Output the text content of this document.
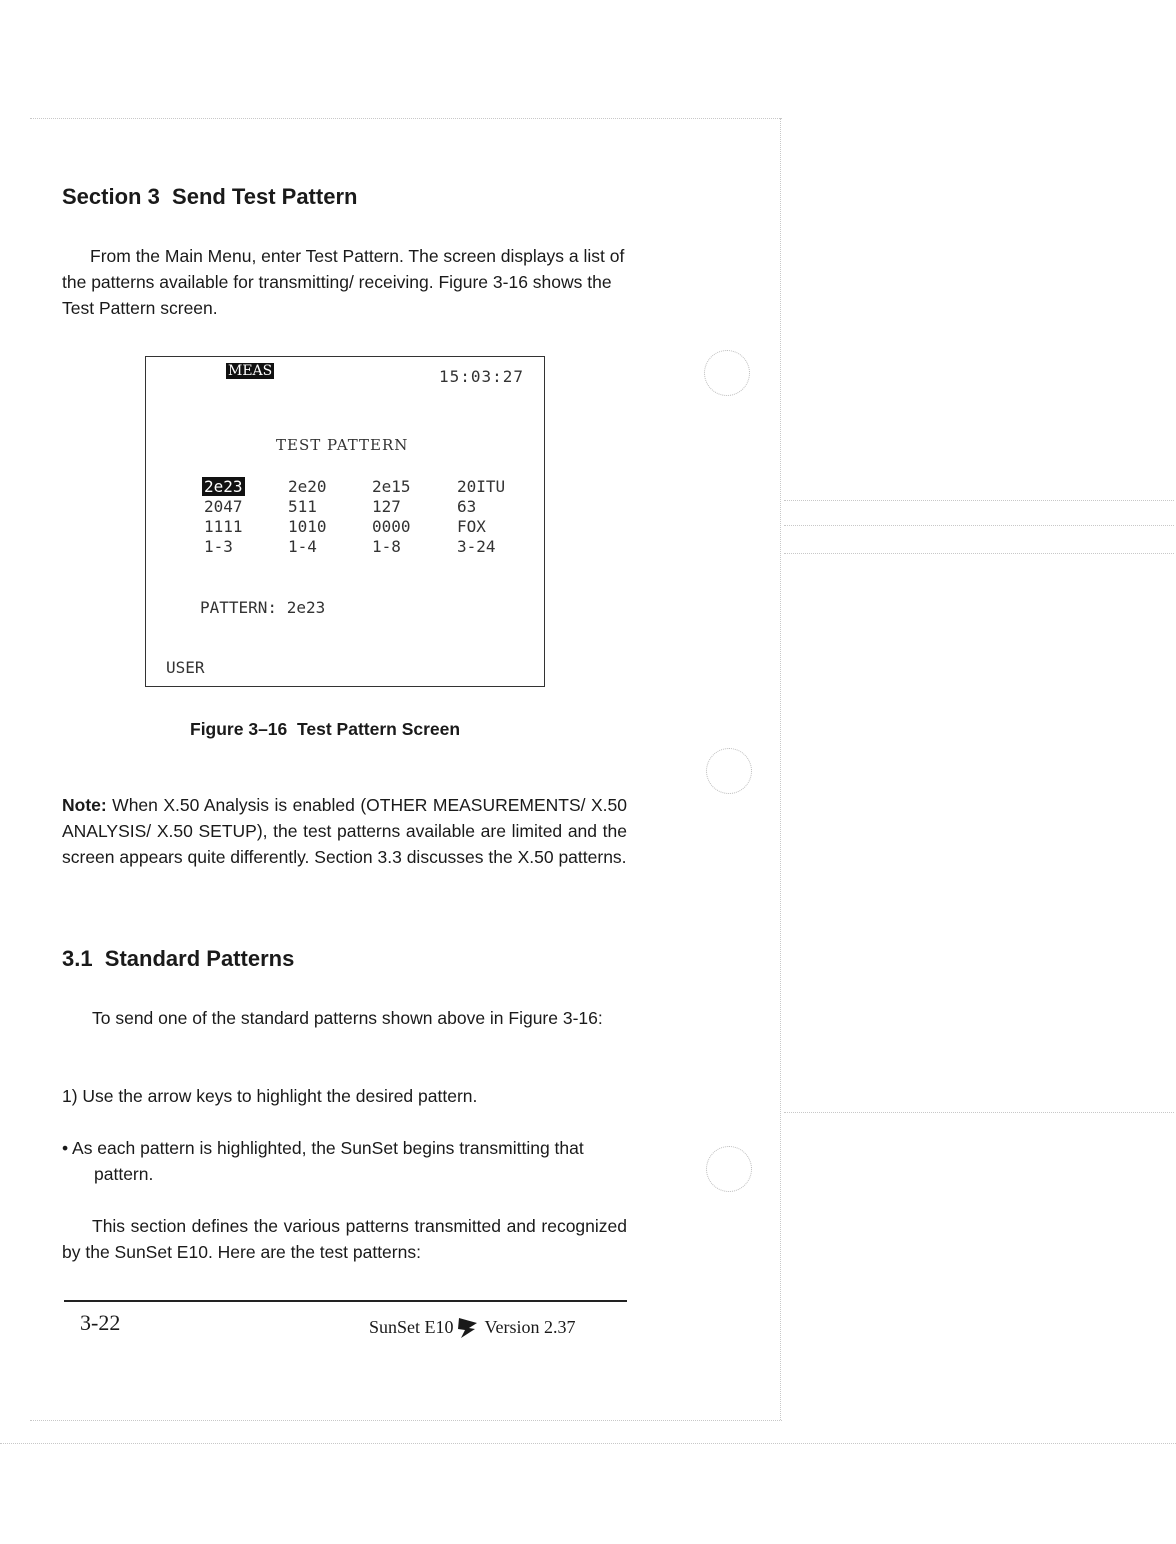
Section 3  Send Test Pattern
From the Main Menu, enter Test Pattern. The screen displays a list of the patterns available for transmitting/ receiving. Figure 3-16 shows the Test Pattern screen.
MEAS	15:03:27
TEST PATTERN
2e23	2e20	2e15	20ITU
2047	511	127	63
1111	1010	0000	FOX
1-3	1-4	1-8	3-24
PATTERN: 2e23
USER
Figure 3–16  Test Pattern Screen
Note: When X.50 Analysis is enabled (OTHER MEASUREMENTS/ X.50 ANALYSIS/ X.50 SETUP), the test patterns available are limited and the screen appears quite differently. Section 3.3 discusses the X.50 patterns.
3.1  Standard Patterns
To send one of the standard patterns shown above in Figure 3-16:
1) Use the arrow keys to highlight the desired pattern.
• As each pattern is highlighted, the SunSet begins transmitting that pattern.
This section defines the various patterns transmitted and recognized by the SunSet E10. Here are the test patterns:
3-22	SunSet E10 Version 2.37
